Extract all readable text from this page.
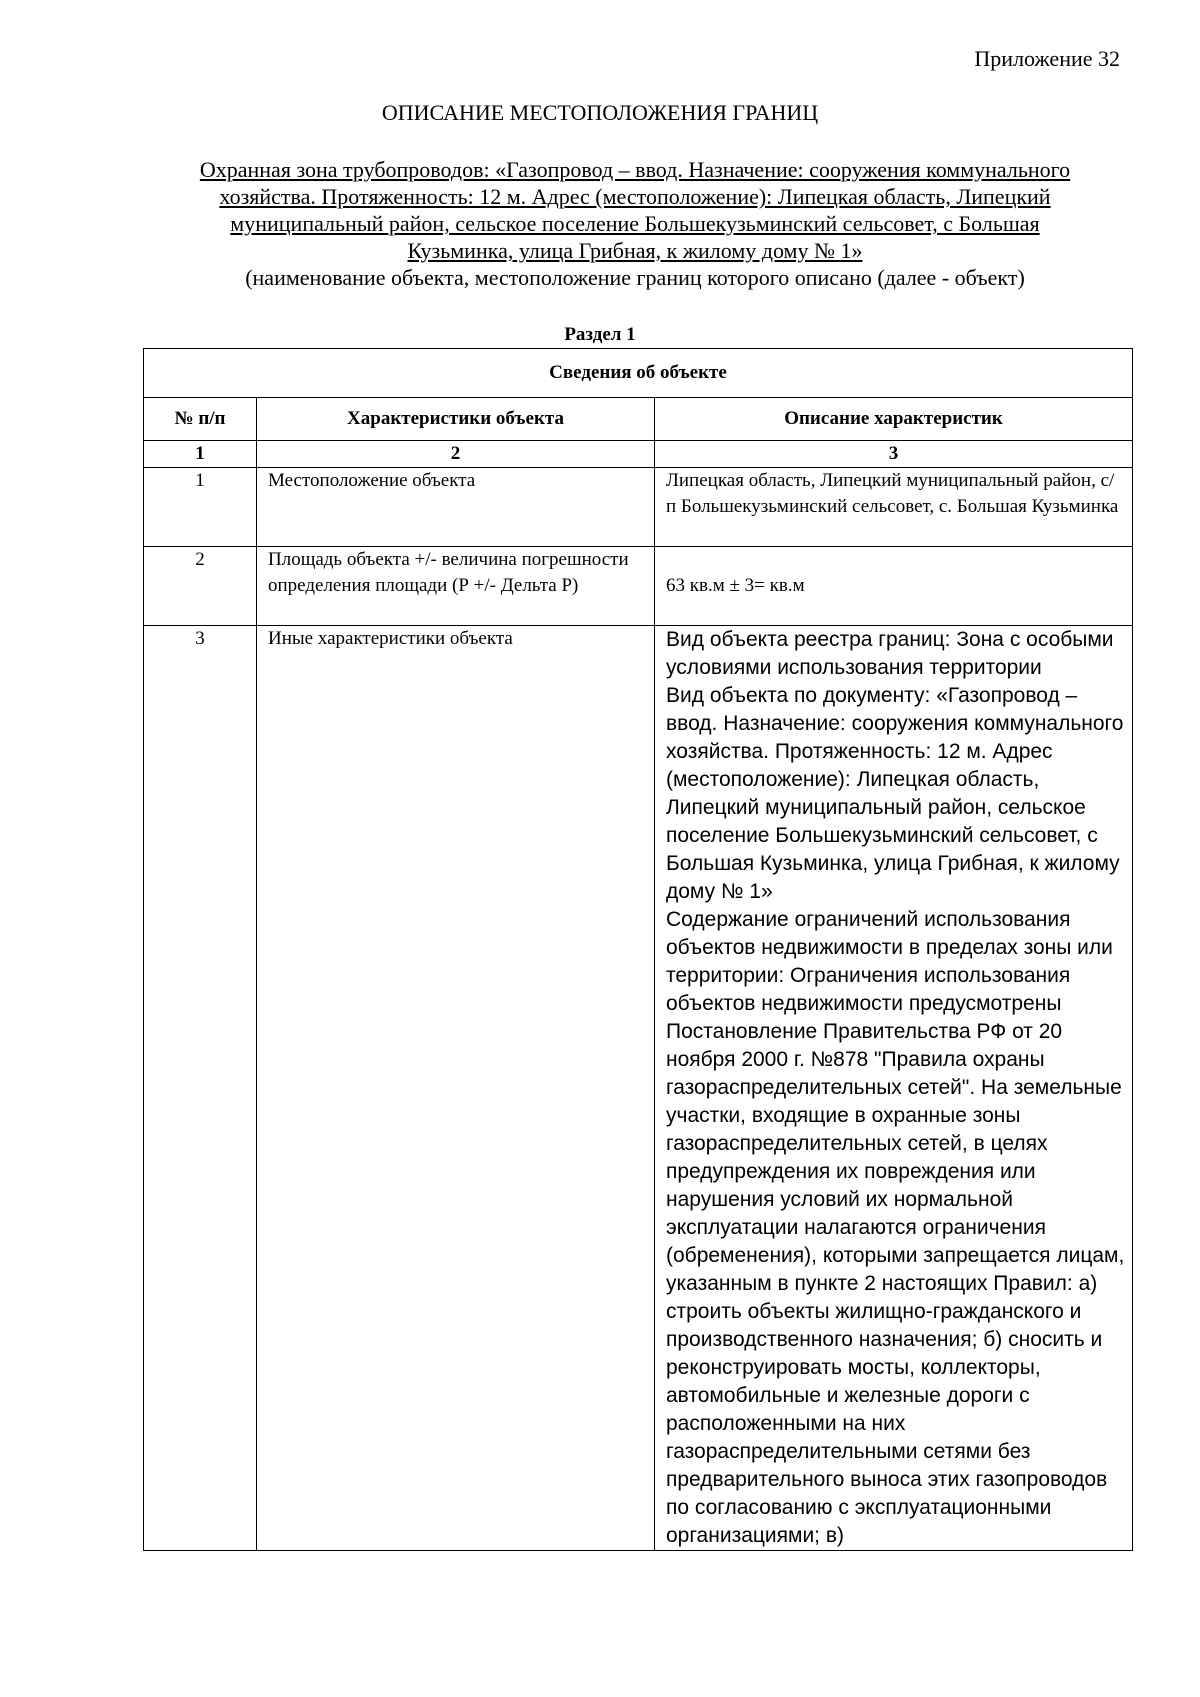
Приложение 32
ОПИСАНИЕ МЕСТОПОЛОЖЕНИЯ ГРАНИЦ
Охранная зона трубопроводов: «Газопровод – ввод. Назначение: сооружения коммунального
хозяйства. Протяженность: 12 м. Адрес (местоположение): Липецкая область, Липецкий
муниципальный район, сельское поселение Большекузьминский сельсовет, с Большая
Кузьминка, улица Грибная, к жилому дому № 1»
(наименование объекта, местоположение границ которого описано (далее - объект)
Раздел 1
Сведения об объекте		
№ п/п	Характеристики объекта	Описание характеристик
1	2	3
1	Местоположение объекта	Липецкая область, Липецкий муниципальный район, с/п Большекузьминский сельсовет, с. Большая Кузьминка
2	Площадь объекта +/- величина погрешности определения площади (Р +/- Дельта Р)	63 кв.м ± 3= кв.м
3	Иные характеристики объекта	Вид объекта реестра границ: Зона с особыми условиями использования территории
Вид объекта по документу: «Газопровод – ввод. Назначение: сооружения коммунального хозяйства. Протяженность: 12 м. Адрес (местоположение): Липецкая область, Липецкий муниципальный район, сельское поселение Большекузьминский сельсовет, с Большая Кузьминка, улица Грибная, к жилому дому № 1»
Содержание ограничений использования объектов недвижимости в пределах зоны или территории: Ограничения использования объектов недвижимости предусмотрены Постановление Правительства РФ от 20 ноября 2000 г. №878 "Правила охраны газораспределительных сетей". На земельные участки, входящие в охранные зоны газораспределительных сетей, в целях предупреждения их повреждения или нарушения условий их нормальной эксплуатации налагаются ограничения (обременения), которыми запрещается лицам, указанным в пункте 2 настоящих Правил: а) строить объекты жилищно-гражданского и производственного назначения; б) сносить и реконструировать мосты, коллекторы, автомобильные и железные дороги с расположенными на них газораспределительными сетями без предварительного выноса этих газопроводов по согласованию с эксплуатационными организациями; в)
